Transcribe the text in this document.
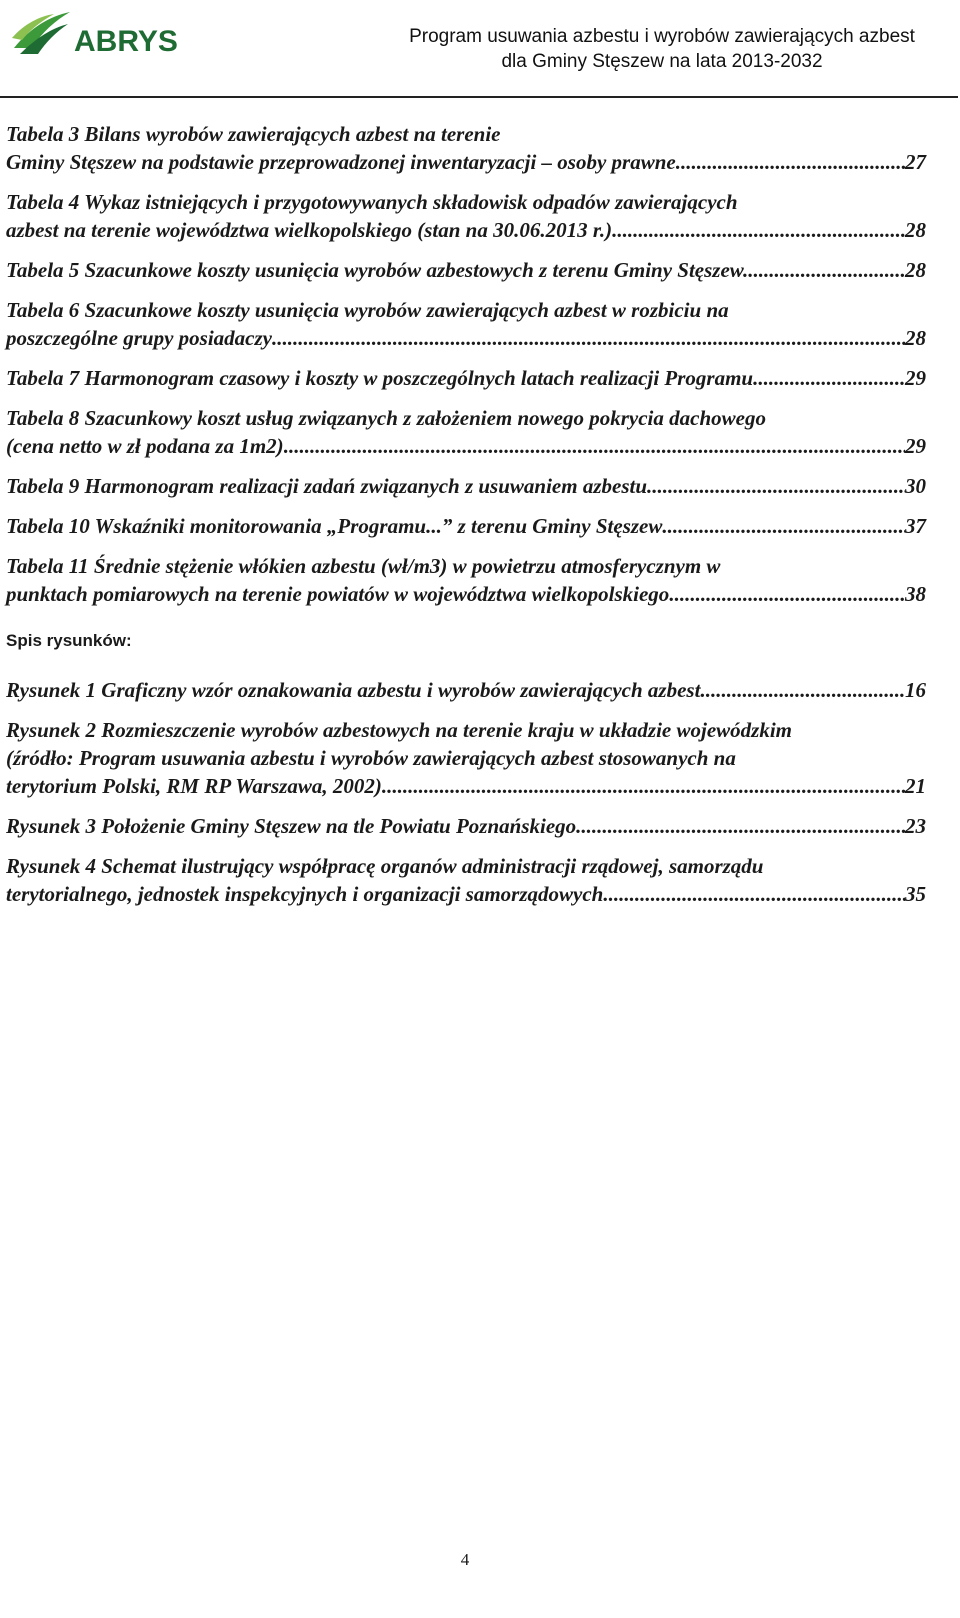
ABRYS	Program usuwania azbestu i wyrobów zawierających azbest
dla Gminy Stęszew na lata 2013-2032
Tabela 3 Bilans wyrobów zawierających azbest na terenie
Gminy Stęszew na podstawie przeprowadzonej inwentaryzacji – osoby prawne .....	27
Tabela 4 Wykaz istniejących i przygotowywanych składowisk odpadów zawierających
azbest na terenie województwa wielkopolskiego (stan na 30.06.2013 r.) .....	28
Tabela 5 Szacunkowe koszty usunięcia wyrobów azbestowych z terenu Gminy Stęszew. .....	28
Tabela 6 Szacunkowe koszty usunięcia wyrobów zawierających azbest w rozbiciu na
poszczególne grupy posiadaczy .....	28
Tabela 7 Harmonogram czasowy i koszty w poszczególnych latach realizacji Programu .....	29
Tabela 8 Szacunkowy koszt usług związanych z założeniem nowego pokrycia dachowego
(cena netto w zł podana za 1m2) .....	29
Tabela 9 Harmonogram realizacji zadań związanych z usuwaniem azbestu .....	30
Tabela 10 Wskaźniki monitorowania „Programu...” z terenu Gminy Stęszew .....	37
Tabela 11 Średnie stężenie włókien azbestu (wł/m3) w powietrzu atmosferycznym w
punktach pomiarowych na terenie powiatów w województwa wielkopolskiego .....	38
Spis rysunków:
Rysunek 1 Graficzny wzór oznakowania azbestu i wyrobów zawierających azbest .....	16
Rysunek 2 Rozmieszczenie wyrobów azbestowych na terenie kraju w układzie wojewódzkim
(źródło: Program usuwania azbestu i wyrobów zawierających azbest stosowanych na
terytorium Polski, RM RP Warszawa, 2002) .....	21
Rysunek 3 Położenie Gminy Stęszew na tle Powiatu Poznańskiego .....	23
Rysunek 4 Schemat ilustrujący współpracę organów administracji rządowej, samorządu
terytorialnego, jednostek inspekcyjnych i organizacji samorządowych .....	35
4
